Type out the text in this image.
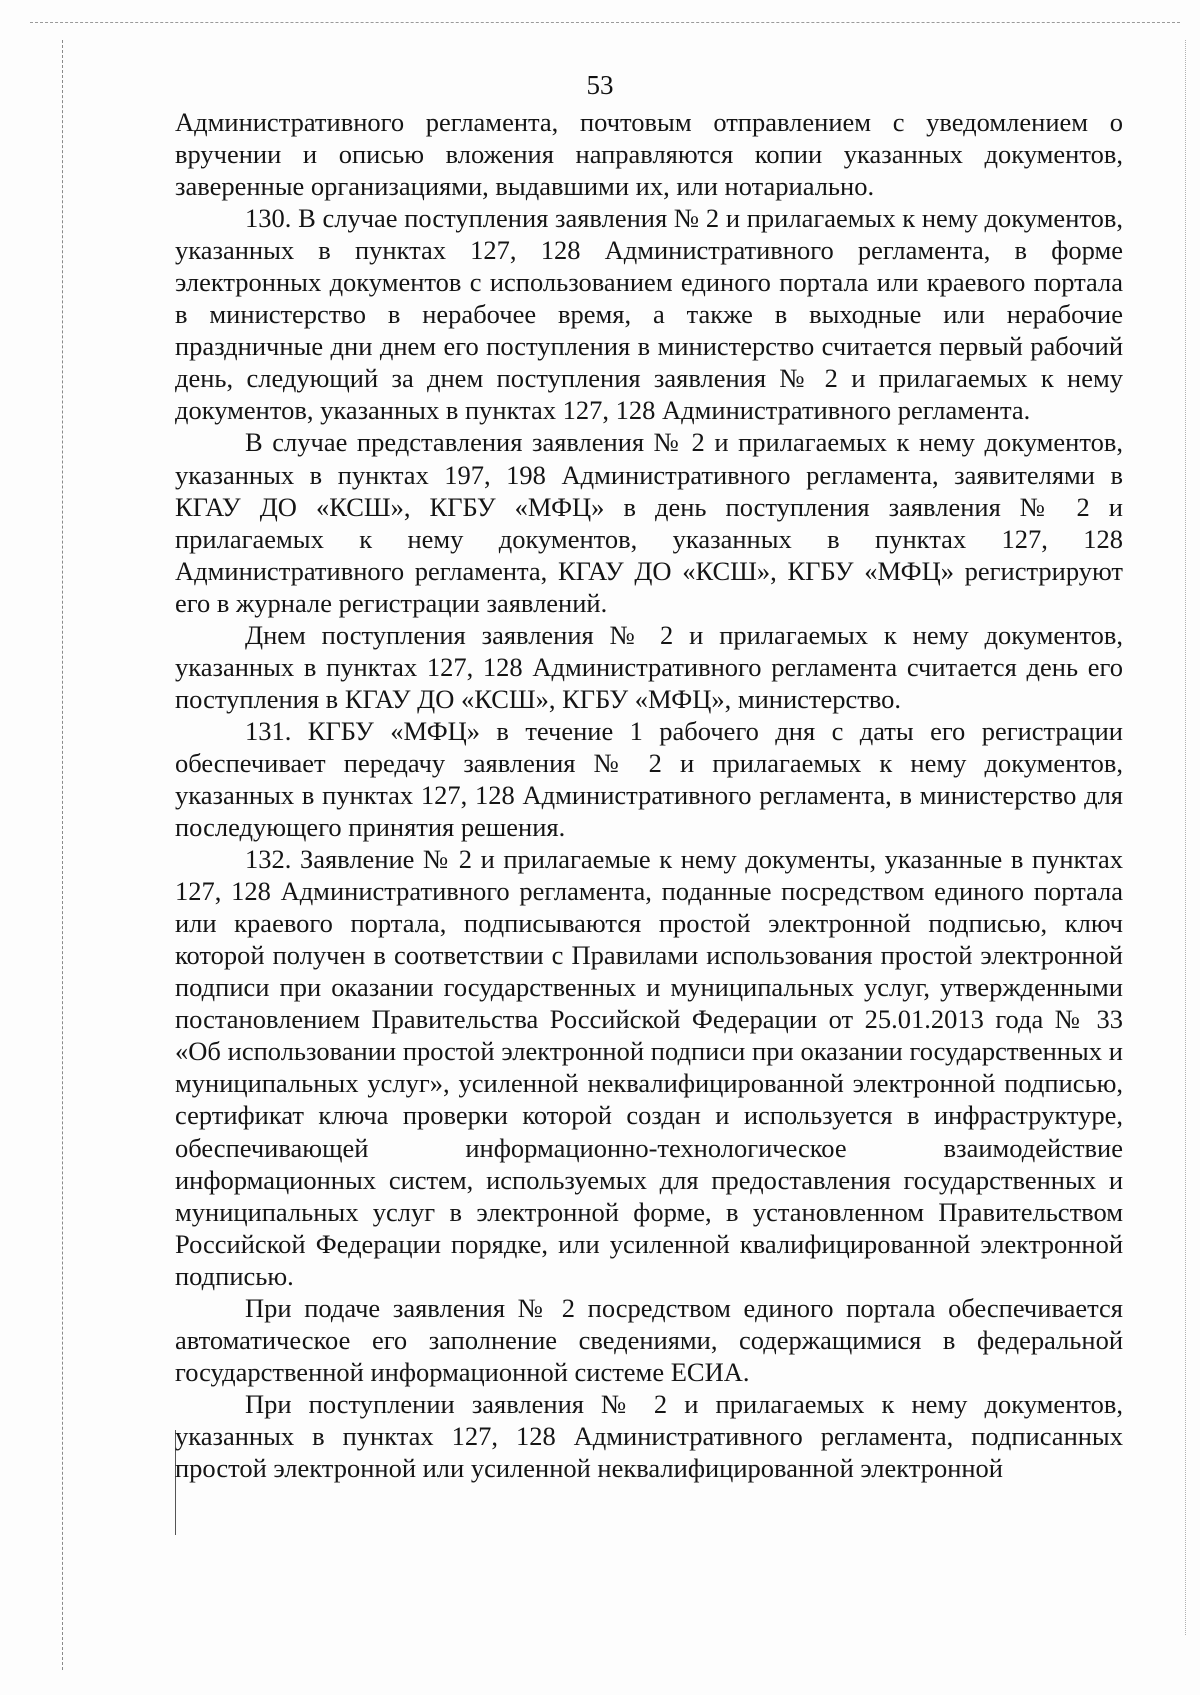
53

Административного регламента, почтовым отправлением с уведомлением о вручении и описью вложения направляются копии указанных документов, заверенные организациями, выдавшими их, или нотариально.

130. В случае поступления заявления № 2 и прилагаемых к нему документов, указанных в пунктах 127, 128 Административного регламента, в форме электронных документов с использованием единого портала или краевого портала в министерство в нерабочее время, а также в выходные или нерабочие праздничные дни днем его поступления в министерство считается первый рабочий день, следующий за днем поступления заявления № 2 и прилагаемых к нему документов, указанных в пунктах 127, 128 Административного регламента.

В случае представления заявления № 2 и прилагаемых к нему документов, указанных в пунктах 197, 198 Административного регламента, заявителями в КГАУ ДО «КСШ», КГБУ «МФЦ» в день поступления заявления № 2 и прилагаемых к нему документов, указанных в пунктах 127, 128 Административного регламента, КГАУ ДО «КСШ», КГБУ «МФЦ» регистрируют его в журнале регистрации заявлений.

Днем поступления заявления № 2 и прилагаемых к нему документов, указанных в пунктах 127, 128 Административного регламента считается день его поступления в КГАУ ДО «КСШ», КГБУ «МФЦ», министерство.

131. КГБУ «МФЦ» в течение 1 рабочего дня с даты его регистрации обеспечивает передачу заявления № 2 и прилагаемых к нему документов, указанных в пунктах 127, 128 Административного регламента, в министерство для последующего принятия решения.

132. Заявление № 2 и прилагаемые к нему документы, указанные в пунктах 127, 128 Административного регламента, поданные посредством единого портала или краевого портала, подписываются простой электронной подписью, ключ которой получен в соответствии с Правилами использования простой электронной подписи при оказании государственных и муниципальных услуг, утвержденными постановлением Правительства Российской Федерации от 25.01.2013 года № 33 «Об использовании простой электронной подписи при оказании государственных и муниципальных услуг», усиленной неквалифицированной электронной подписью, сертификат ключа проверки которой создан и используется в инфраструктуре, обеспечивающей информационно-технологическое взаимодействие информационных систем, используемых для предоставления государственных и муниципальных услуг в электронной форме, в установленном Правительством Российской Федерации порядке, или усиленной квалифицированной электронной подписью.

При подаче заявления № 2 посредством единого портала обеспечивается автоматическое его заполнение сведениями, содержащимися в федеральной государственной информационной системе ЕСИА.

При поступлении заявления № 2 и прилагаемых к нему документов, указанных в пунктах 127, 128 Административного регламента, подписанных простой электронной или усиленной неквалифицированной электронной
